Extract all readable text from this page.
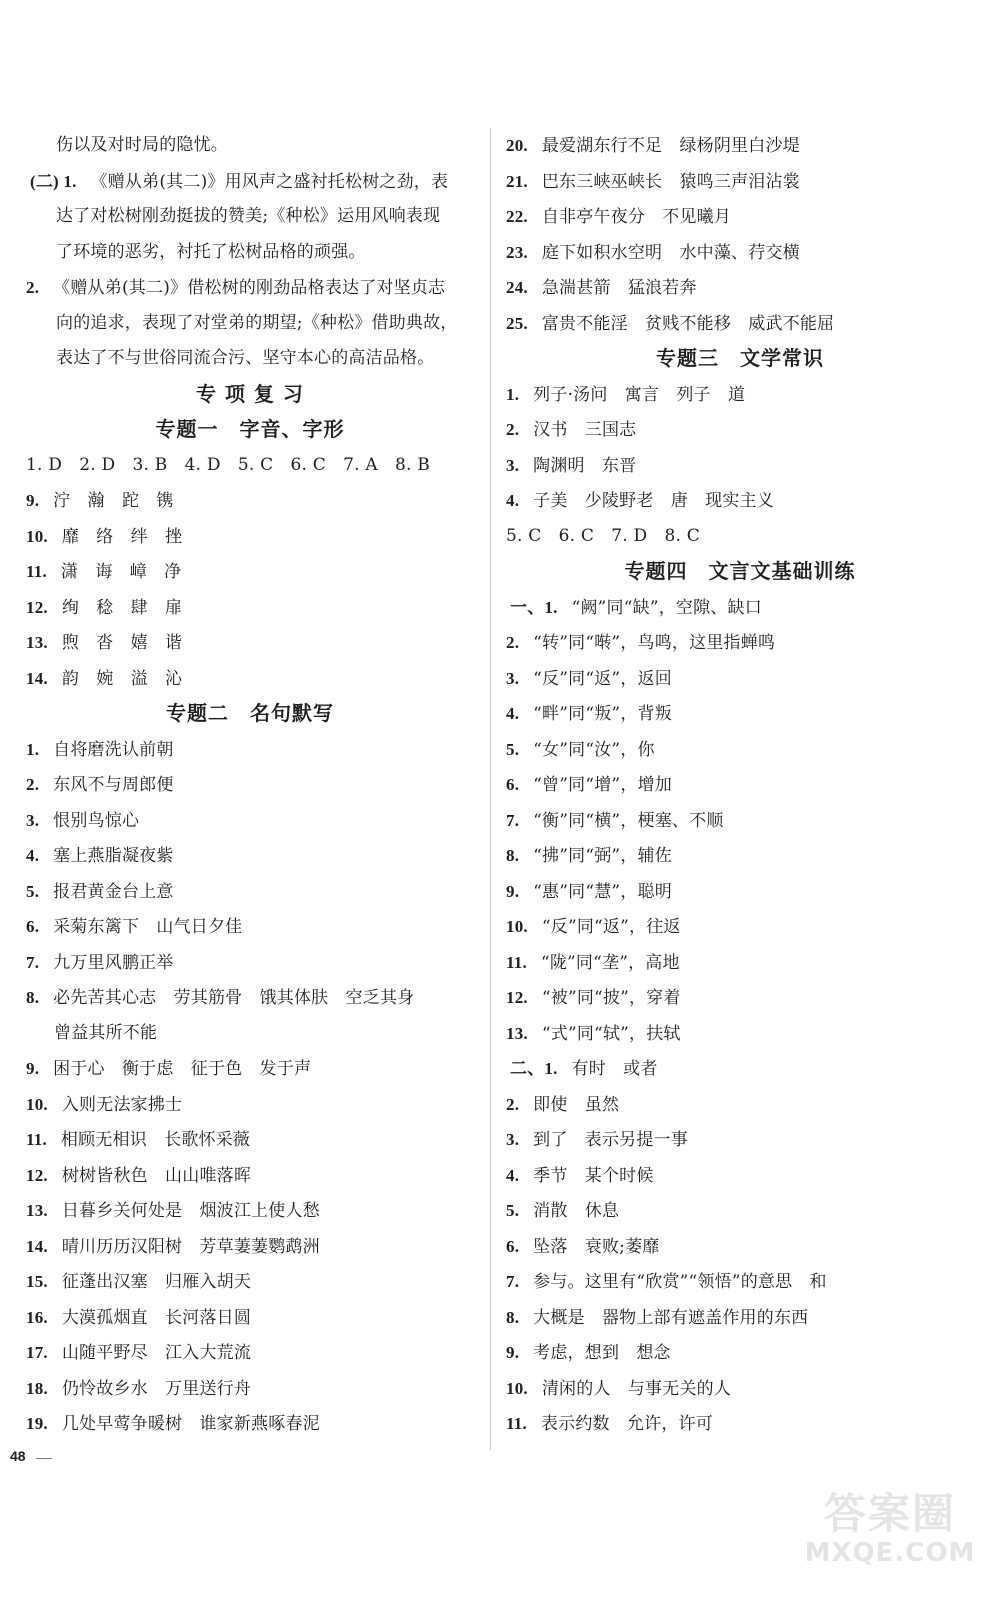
伤以及对时局的隐忧。
(二) 1. 《赠从弟(其二)》用风声之盛衬托松树之劲，表
达了对松树刚劲挺拔的赞美;《种松》运用风响表现
了环境的恶劣，衬托了松树品格的顽强。
2. 《赠从弟(其二)》借松树的刚劲品格表达了对坚贞志
向的追求，表现了对堂弟的期望;《种松》借助典故，
表达了不与世俗同流合污、坚守本心的高洁品格。
专 项 复 习
专题一　字音、字形
1. D　2. D　3. B　4. D　5. C　6. C　7. A　8. B
9. 泞　瀚　跎　镌
10. 靡　络　绊　挫
11. 潇　诲　嶂　净
12. 绚　稔　肆　扉
13. 煦　沓　嬉　谐
14. 韵　婉　溢　沁
专题二　名句默写
1. 自将磨洗认前朝
2. 东风不与周郎便
3. 恨别鸟惊心
4. 塞上燕脂凝夜紫
5. 报君黄金台上意
6. 采菊东篱下　山气日夕佳
7. 九万里风鹏正举
8. 必先苦其心志　劳其筋骨　饿其体肤　空乏其身
曾益其所不能
9. 困于心　衡于虑　征于色　发于声
10. 入则无法家拂士
11. 相顾无相识　长歌怀采薇
12. 树树皆秋色　山山唯落晖
13. 日暮乡关何处是　烟波江上使人愁
14. 晴川历历汉阳树　芳草萋萋鹦鹉洲
15. 征蓬出汉塞　归雁入胡天
16. 大漠孤烟直　长河落日圆
17. 山随平野尽　江入大荒流
18. 仍怜故乡水　万里送行舟
19. 几处早莺争暖树　谁家新燕啄春泥
20. 最爱湖东行不足　绿杨阴里白沙堤
21. 巴东三峡巫峡长　猿鸣三声泪沾裳
22. 自非亭午夜分　不见曦月
23. 庭下如积水空明　水中藻、荇交横
24. 急湍甚箭　猛浪若奔
25. 富贵不能淫　贫贱不能移　威武不能屈
专题三　文学常识
1. 列子·汤问　寓言　列子　道
2. 汉书　三国志
3. 陶渊明　东晋
4. 子美　少陵野老　唐　现实主义
5. C　6. C　7. D　8. C
专题四　文言文基础训练
一、1. “阙”同“缺”，空隙、缺口
2. “转”同“啭”，鸟鸣，这里指蝉鸣
3. “反”同“返”，返回
4. “畔”同“叛”，背叛
5. “女”同“汝”，你
6. “曾”同“增”，增加
7. “衡”同“横”，梗塞、不顺
8. “拂”同“弼”，辅佐
9. “惠”同“慧”，聪明
10. “反”同“返”，往返
11. “陇”同“垄”，高地
12. “被”同“披”，穿着
13. “式”同“轼”，扶轼
二、1. 有时　或者
2. 即使　虽然
3. 到了　表示另提一事
4. 季节　某个时候
5. 消散　休息
6. 坠落　衰败;萎靡
7. 参与。这里有“欣赏”“领悟”的意思　和
8. 大概是　器物上部有遮盖作用的东西
9. 考虑，想到　想念
10. 清闲的人　与事无关的人
11. 表示约数　允许，许可
48
答案圈
MXQE.COM
